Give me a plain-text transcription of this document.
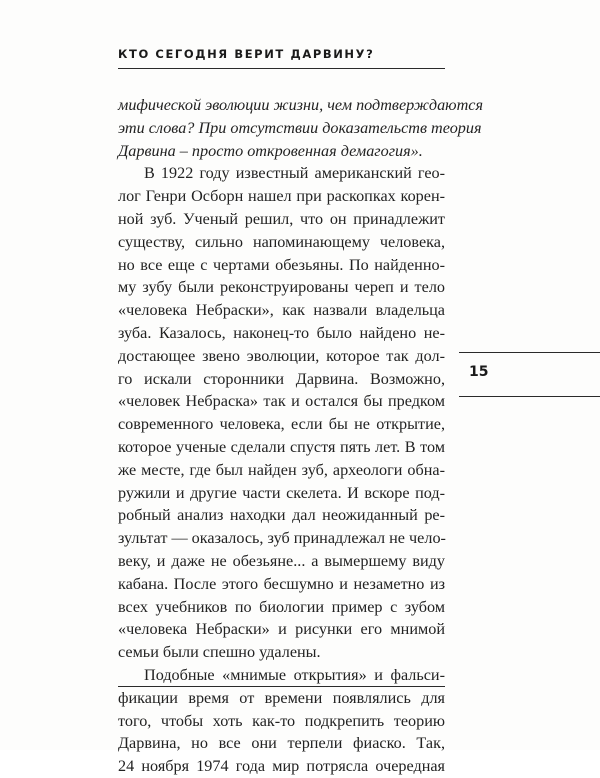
КТО СЕГОДНЯ ВЕРИТ ДАРВИНУ?
мифической эволюции жизни, чем подтверждаются
эти слова? При отсутствии доказательств теория
Дарвина – просто откровенная демагогия».
В 1922 году известный американский гео-
лог Генри Осборн нашел при раскопках корен-
ной зуб. Ученый решил, что он принадлежит
существу, сильно напоминающему человека,
но все еще с чертами обезьяны. По найденно-
му зубу были реконструированы череп и тело
«человека Небраски», как назвали владельца
зуба. Казалось, наконец-то было найдено не-
достающее звено эволюции, которое так дол-
го искали сторонники Дарвина. Возможно,
«человек Небраска» так и остался бы предком
современного человека, если бы не открытие,
которое ученые сделали спустя пять лет. В том
же месте, где был найден зуб, археологи обна-
ружили и другие части скелета. И вскоре под-
робный анализ находки дал неожиданный ре-
зультат — оказалось, зуб принадлежал не чело-
веку, и даже не обезьяне... а вымершему виду
кабана. После этого бесшумно и незаметно из
всех учебников по биологии пример с зубом
«человека Небраски» и рисунки его мнимой
семьи были спешно удалены.
Подобные «мнимые открытия» и фальси-
фикации время от времени появлялись для
того, чтобы хоть как-то подкрепить теорию
Дарвина, но все они терпели фиаско. Так,
24 ноября 1974 года мир потрясла очередная
15
